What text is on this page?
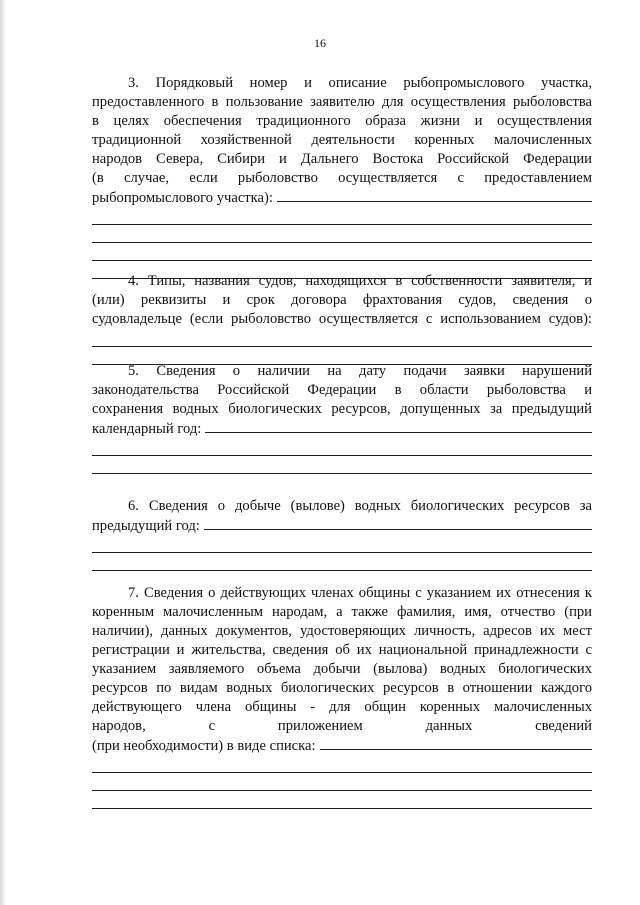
16
3. Порядковый номер и описание рыбопромыслового участка,
предоставленного в пользование заявителю для осуществления рыболовства
в целях обеспечения традиционного образа жизни и осуществления
традиционной хозяйственной деятельности коренных малочисленных
народов Севера, Сибири и Дальнего Востока Российской Федерации
(в случае, если рыболовство осуществляется с предоставлением
рыбопромыслового участка):
4. Типы, названия судов, находящихся в собственности заявителя, и
(или) реквизиты и срок договора фрахтования судов, сведения о
судовладельце (если рыболовство осуществляется с использованием судов):
5. Сведения о наличии на дату подачи заявки нарушений
законодательства Российской Федерации в области рыболовства и
сохранения водных биологических ресурсов, допущенных за предыдущий
календарный год:
6. Сведения о добыче (вылове) водных биологических ресурсов за
предыдущий год:
7. Сведения о действующих членах общины с указанием их отнесения к
коренным малочисленным народам, а также фамилия, имя, отчество (при
наличии), данных документов, удостоверяющих личность, адресов их мест
регистрации и жительства, сведения об их национальной принадлежности с
указанием заявляемого объема добычи (вылова) водных биологических
ресурсов по видам водных биологических ресурсов в отношении каждого
действующего члена общины - для общин коренных малочисленных
народов, с приложением данных сведений
(при необходимости) в виде списка:
